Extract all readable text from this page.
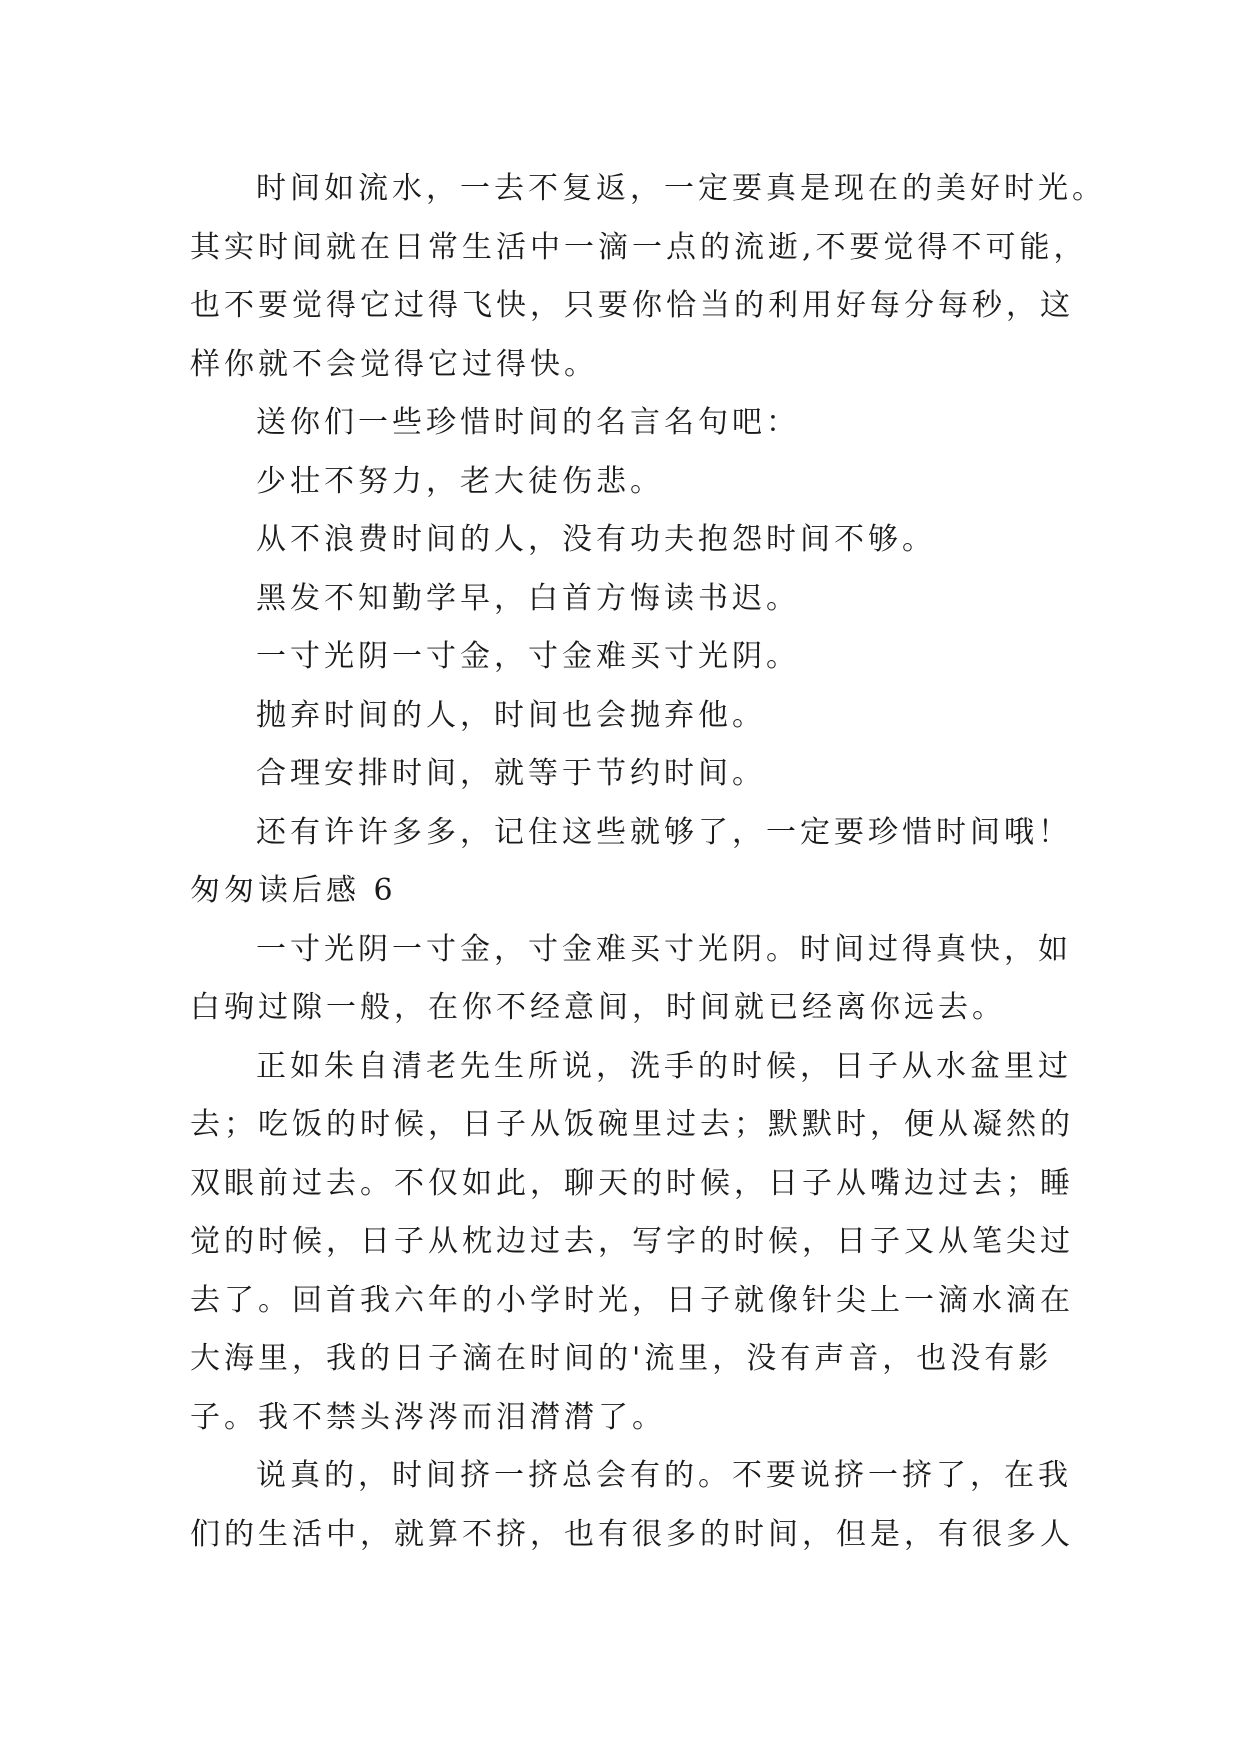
时间如流水，一去不复返，一定要真是现在的美好时光。

其实时间就在日常生活中一滴一点的流逝,不要觉得不可能，

也不要觉得它过得飞快，只要你恰当的利用好每分每秒，这

样你就不会觉得它过得快。

送你们一些珍惜时间的名言名句吧：

少壮不努力，老大徒伤悲。

从不浪费时间的人，没有功夫抱怨时间不够。

黑发不知勤学早，白首方悔读书迟。

一寸光阴一寸金，寸金难买寸光阴。

抛弃时间的人，时间也会抛弃他。

合理安排时间，就等于节约时间。

还有许许多多，记住这些就够了，一定要珍惜时间哦！

匆匆读后感 6

一寸光阴一寸金，寸金难买寸光阴。时间过得真快，如

白驹过隙一般，在你不经意间，时间就已经离你远去。

正如朱自清老先生所说，洗手的时候，日子从水盆里过

去；吃饭的时候，日子从饭碗里过去；默默时，便从凝然的

双眼前过去。不仅如此，聊天的时候，日子从嘴边过去；睡

觉的时候，日子从枕边过去，写字的时候，日子又从笔尖过

去了。回首我六年的小学时光，日子就像针尖上一滴水滴在

大海里，我的日子滴在时间的'流里，没有声音，也没有影

子。我不禁头涔涔而泪潸潸了。

说真的，时间挤一挤总会有的。不要说挤一挤了，在我

们的生活中，就算不挤，也有很多的时间，但是，有很多人
